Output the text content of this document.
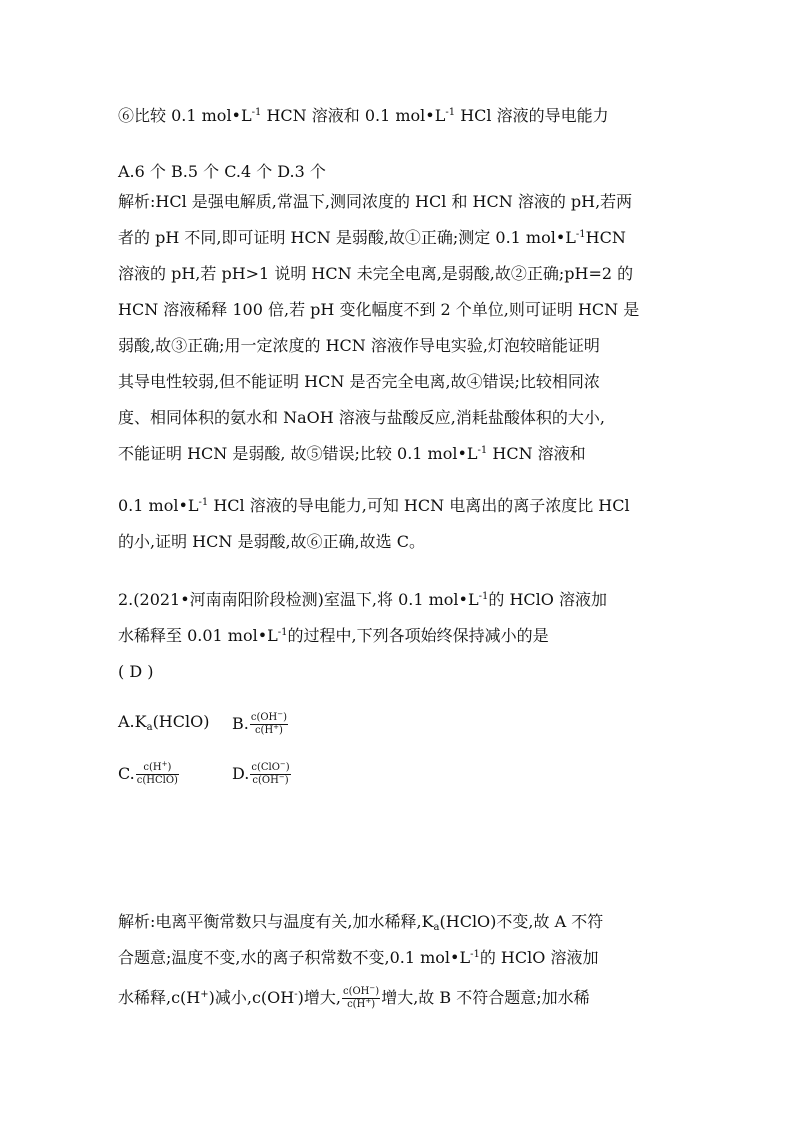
⑥比较 0.1 $mol•L^{-1}$ HCN 溶液和 0.1 $mol•L^{-1}$ HCl 溶液的导电能力
A.6 个 B.5 个 C.4 个 D.3 个
解析:HCl 是强电解质,常温下,测同浓度的 HCl 和 HCN 溶液的 pH,若两
者的 pH 不同,即可证明 HCN 是弱酸,故①正确;测定 0.1 $mol•L^{-1}HCN$
溶液的 pH,若 pH>1 说明 HCN 未完全电离,是弱酸,故②正确;pH=2 的
HCN 溶液稀释 100 倍,若 pH 变化幅度不到 2 个单位,则可证明 HCN 是
弱酸,故③正确;用一定浓度的 HCN 溶液作导电实验,灯泡较暗能证明
其导电性较弱,但不能证明 HCN 是否完全电离,故④错误;比较相同浓
度、相同体积的氨水和 NaOH 溶液与盐酸反应,消耗盐酸体积的大小,
不能证明 HCN 是弱酸, 故⑤错误;比较 0.1 $mol•L^{-1}$ HCN 溶液和
0.1 $mol•L^{-1}$ HCl 溶液的导电能力,可知 HCN 电离出的离子浓度比 HCl
的小,证明 HCN 是弱酸,故⑥正确,故选 C。
2.(2021•河南南阳阶段检测)室温下,将 0.1 $mol•L^{-1}$的 HClO 溶液加
水稀释至 0.01 $mol•L^{-1}$的过程中,下列各项始终保持减小的是
( D )
$A.K_a(HClO)$ B. $\frac{c(OH^-)}{c(H^+)}$
C. $\frac{c(H^+)}{\text{c(HClO)}}$	D. $\frac{c(ClO^-)}{c(OH^-)}$
解析:电离平衡常数只与温度有关,加水稀释$,K_a(HClO)$不变,故 A 不符
合题意;温度不变,水的离子积常数不变,0.1 $mol•L^{-1}$的 HClO 溶液加
水稀释,c(H+)减小,c(OH-)增大, $\frac{c(OH^-)}{c(H^+)}$ 增大,故 B 不符合题意;加水稀
